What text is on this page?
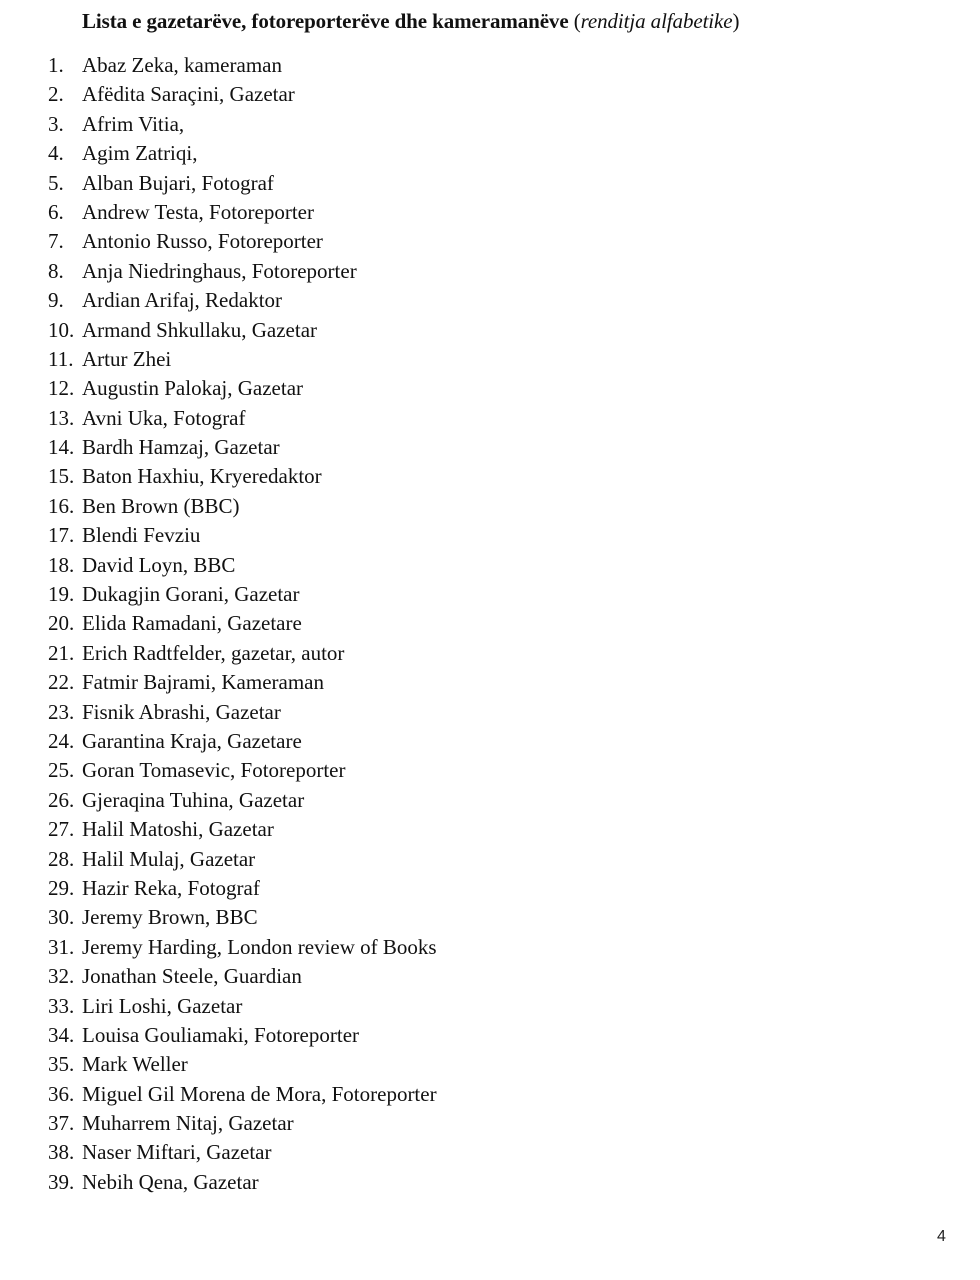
Lista e gazetarëve, fotoreporterëve dhe kameramanëve (renditja alfabetike)
1. Abaz Zeka, kameraman
2. Afëdita Saraçini, Gazetar
3. Afrim Vitia,
4. Agim Zatriqi,
5. Alban Bujari, Fotograf
6. Andrew Testa, Fotoreporter
7. Antonio Russo, Fotoreporter
8. Anja Niedringhaus, Fotoreporter
9. Ardian Arifaj, Redaktor
10. Armand Shkullaku, Gazetar
11. Artur Zhei
12. Augustin Palokaj, Gazetar
13. Avni Uka, Fotograf
14. Bardh Hamzaj, Gazetar
15. Baton Haxhiu, Kryeredaktor
16. Ben Brown (BBC)
17. Blendi Fevziu
18. David Loyn, BBC
19. Dukagjin Gorani, Gazetar
20. Elida Ramadani, Gazetare
21. Erich Radtfelder, gazetar, autor
22. Fatmir Bajrami, Kameraman
23. Fisnik Abrashi, Gazetar
24. Garantina Kraja, Gazetare
25. Goran Tomasevic, Fotoreporter
26. Gjeraqina Tuhina, Gazetar
27. Halil Matoshi, Gazetar
28. Halil Mulaj, Gazetar
29. Hazir Reka, Fotograf
30. Jeremy Brown, BBC
31. Jeremy Harding, London review of Books
32. Jonathan Steele, Guardian
33. Liri Loshi, Gazetar
34. Louisa Gouliamaki, Fotoreporter
35. Mark Weller
36. Miguel Gil Morena de Mora, Fotoreporter
37. Muharrem Nitaj, Gazetar
38. Naser Miftari, Gazetar
39. Nebih Qena, Gazetar
4
